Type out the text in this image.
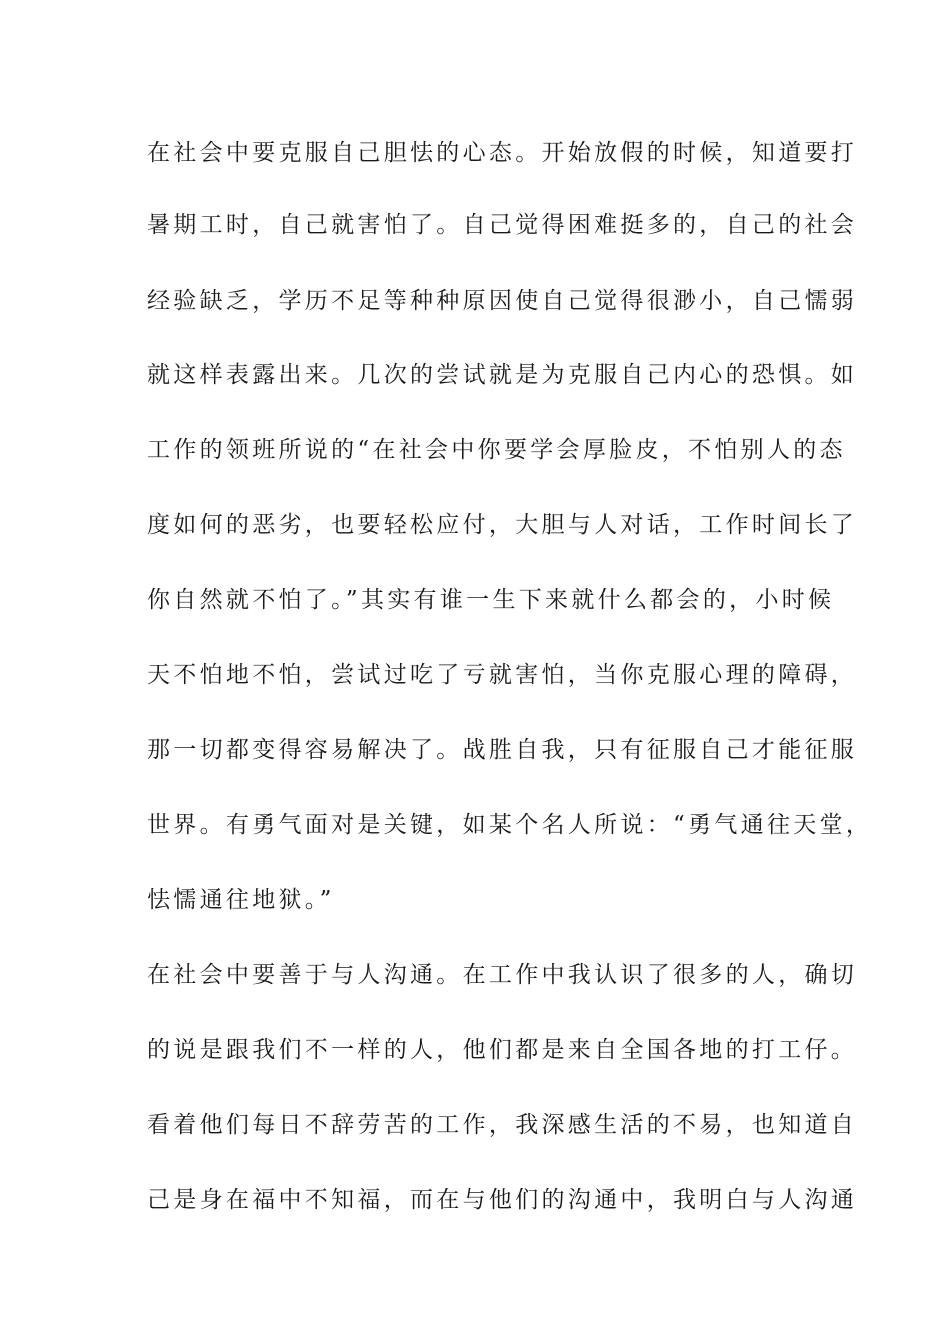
在社会中要克服自己胆怯的心态。开始放假的时候，知道要打
暑期工时，自己就害怕了。自己觉得困难挺多的，自己的社会
经验缺乏，学历不足等种种原因使自己觉得很渺小，自己懦弱
就这样表露出来。几次的尝试就是为克服自己内心的恐惧。如
工作的领班所说的“在社会中你要学会厚脸皮，不怕别人的态
度如何的恶劣，也要轻松应付，大胆与人对话，工作时间长了
你自然就不怕了。”其实有谁一生下来就什么都会的，小时候
天不怕地不怕，尝试过吃了亏就害怕，当你克服心理的障碍，
那一切都变得容易解决了。战胜自我，只有征服自己才能征服
世界。有勇气面对是关键，如某个名人所说：“勇气通往天堂，
怯懦通往地狱。”
在社会中要善于与人沟通。在工作中我认识了很多的人，确切
的说是跟我们不一样的人，他们都是来自全国各地的打工仔。
看着他们每日不辞劳苦的工作，我深感生活的不易，也知道自
己是身在福中不知福，而在与他们的沟通中，我明白与人沟通
